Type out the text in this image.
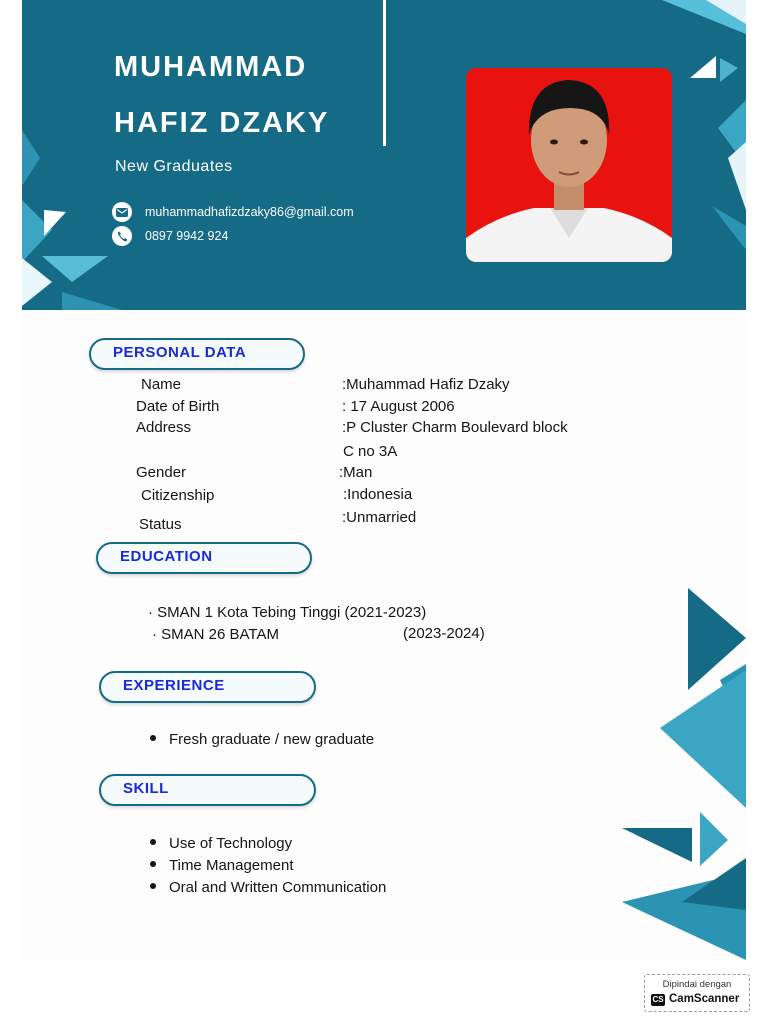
MUHAMMAD
HAFIZ DZAKY
New Graduates
muhammadhafizdzaky86@gmail.com
0897 9942 924
PERSONAL DATA
Name	:Muhammad Hafiz Dzaky
Date of Birth	: 17 August 2006
Address	:P Cluster Charm Boulevard block
C no 3A
Gender	:Man
Citizenship	:Indonesia
Status	:Unmarried
EDUCATION
· SMAN 1 Kota Tebing Tinggi (2021-2023)
· SMAN 26 BATAM	(2023-2024)
EXPERIENCE
Fresh graduate / new graduate
SKILL
Use of Technology
Time Management
Oral and Written Communication
Dipindai dengan
CS CamScanner
